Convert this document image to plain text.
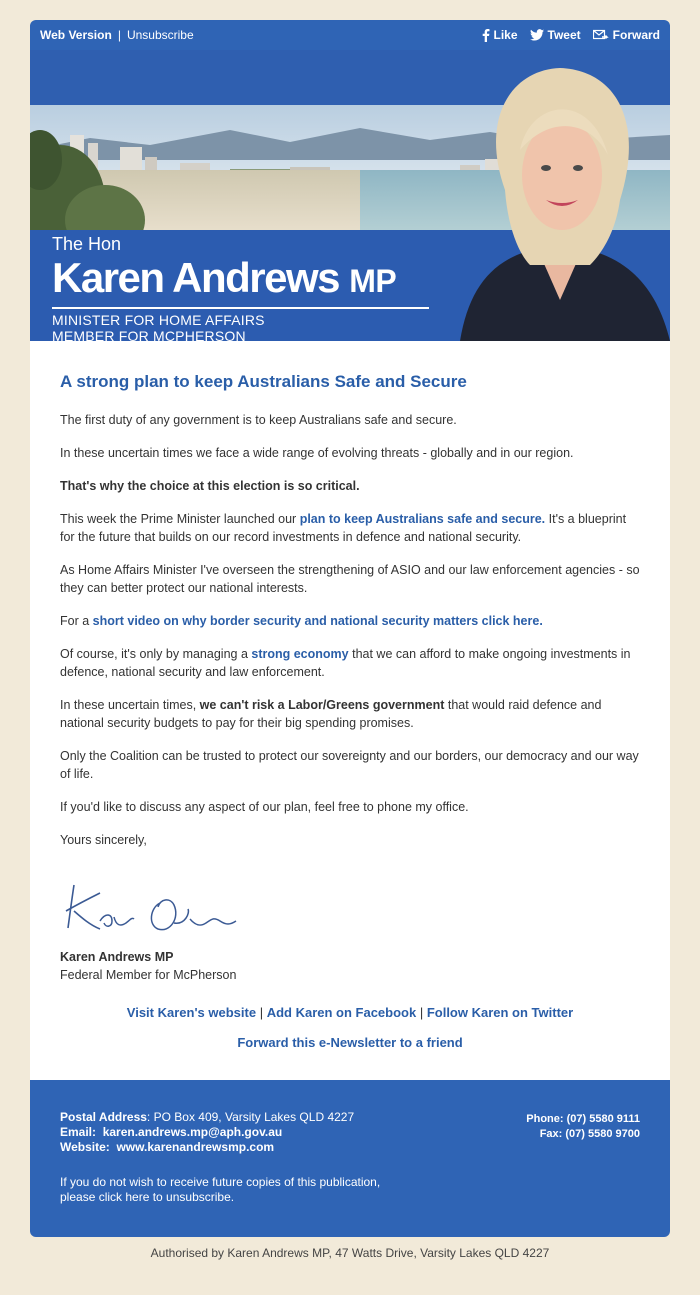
Web Version | Unsubscribe	Like	Tweet	Forward
The Hon
Karen Andrews MP
MINISTER FOR HOME AFFAIRS
MEMBER FOR MCPHERSON
A strong plan to keep Australians Safe and Secure

The first duty of any government is to keep Australians safe and secure.

In these uncertain times we face a wide range of evolving threats - globally and in our region.

That's why the choice at this election is so critical.

This week the Prime Minister launched our plan to keep Australians safe and secure. It's a blueprint for the future that builds on our record investments in defence and national security.

As Home Affairs Minister I've overseen the strengthening of ASIO and our law enforcement agencies - so they can better protect our national interests.

For a short video on why border security and national security matters click here.

Of course, it's only by managing a strong economy that we can afford to make ongoing investments in defence, national security and law enforcement.

In these uncertain times, we can't risk a Labor/Greens government that would raid defence and national security budgets to pay for their big spending promises.

Only the Coalition can be trusted to protect our sovereignty and our borders, our democracy and our way of life.

If you'd like to discuss any aspect of our plan, feel free to phone my office.

Yours sincerely,

Karen Andrews MP
Federal Member for McPherson
Visit Karen's website | Add Karen on Facebook | Follow Karen on Twitter
Forward this e-Newsletter to a friend
Postal Address: PO Box 409, Varsity Lakes QLD 4227
Email: karen.andrews.mp@aph.gov.au
Website: www.karenandrewsmp.com
If you do not wish to receive future copies of this publication,
please click here to unsubscribe.
Phone: (07) 5580 9111
Fax: (07) 5580 9700
Authorised by Karen Andrews MP, 47 Watts Drive, Varsity Lakes QLD 4227
